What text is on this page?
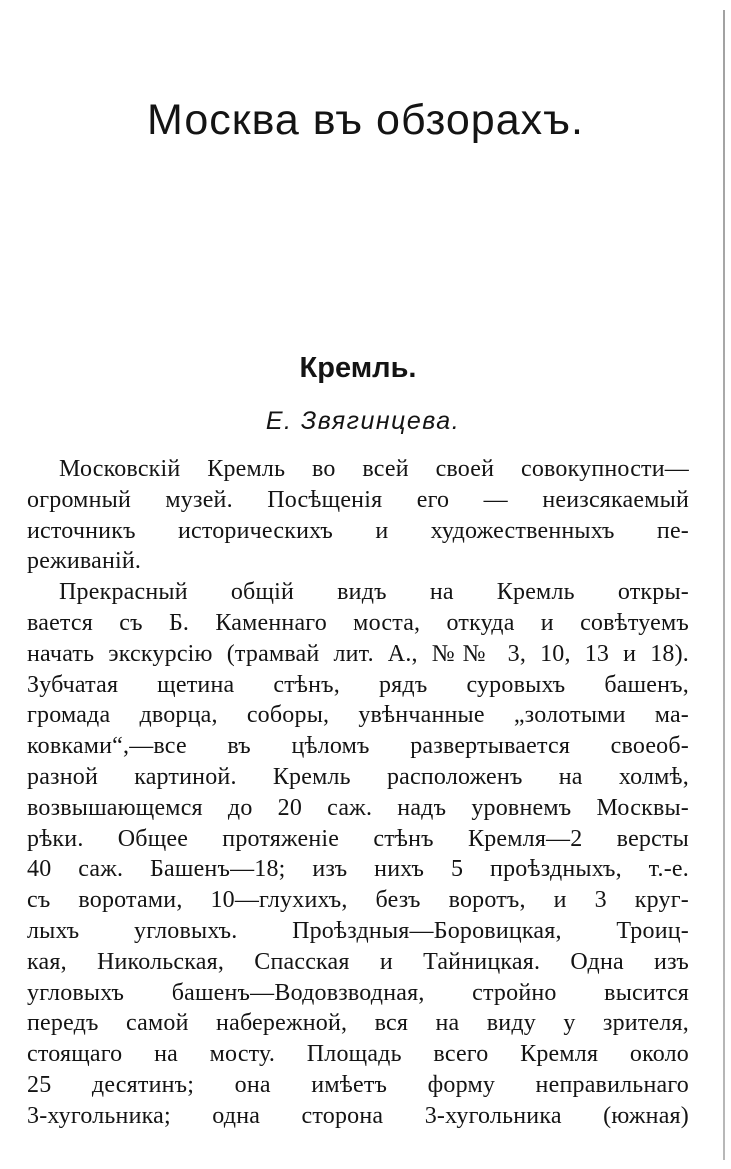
Москва въ обзорахъ.
Кремль.
Е. Звягинцева.
Московскій Кремль во всей своей совокупности—
огромный музей. Посѣщенія его — неизсякаемый
источникъ историческихъ и художественныхъ пе-
реживаній.
Прекрасный общій видъ на Кремль откры-
вается съ Б. Каменнаго моста, откуда и совѣтуемъ
начать экскурсію (трамвай лит. А., №№ 3, 10, 13 и 18).
Зубчатая щетина стѣнъ, рядъ суровыхъ башенъ,
громада дворца, соборы, увѣнчанные „золотыми ма-
ковками“,—все въ цѣломъ развертывается своеоб-
разной картиной. Кремль расположенъ на холмѣ,
возвышающемся до 20 саж. надъ уровнемъ Москвы-
рѣки. Общее протяженіе стѣнъ Кремля—2 версты
40 саж. Башенъ—18; изъ нихъ 5 проѣздныхъ, т.-е.
съ воротами, 10—глухихъ, безъ воротъ, и 3 круг-
лыхъ угловыхъ. Проѣздныя—Боровицкая, Троиц-
кая, Никольская, Спасская и Тайницкая. Одна изъ
угловыхъ башенъ—Водовзводная, стройно высится
передъ самой набережной, вся на виду у зрителя,
стоящаго на мосту. Площадь всего Кремля около
25 десятинъ; она имѣетъ форму неправильнаго
3-хугольника; одна сторона 3-хугольника (южная)
